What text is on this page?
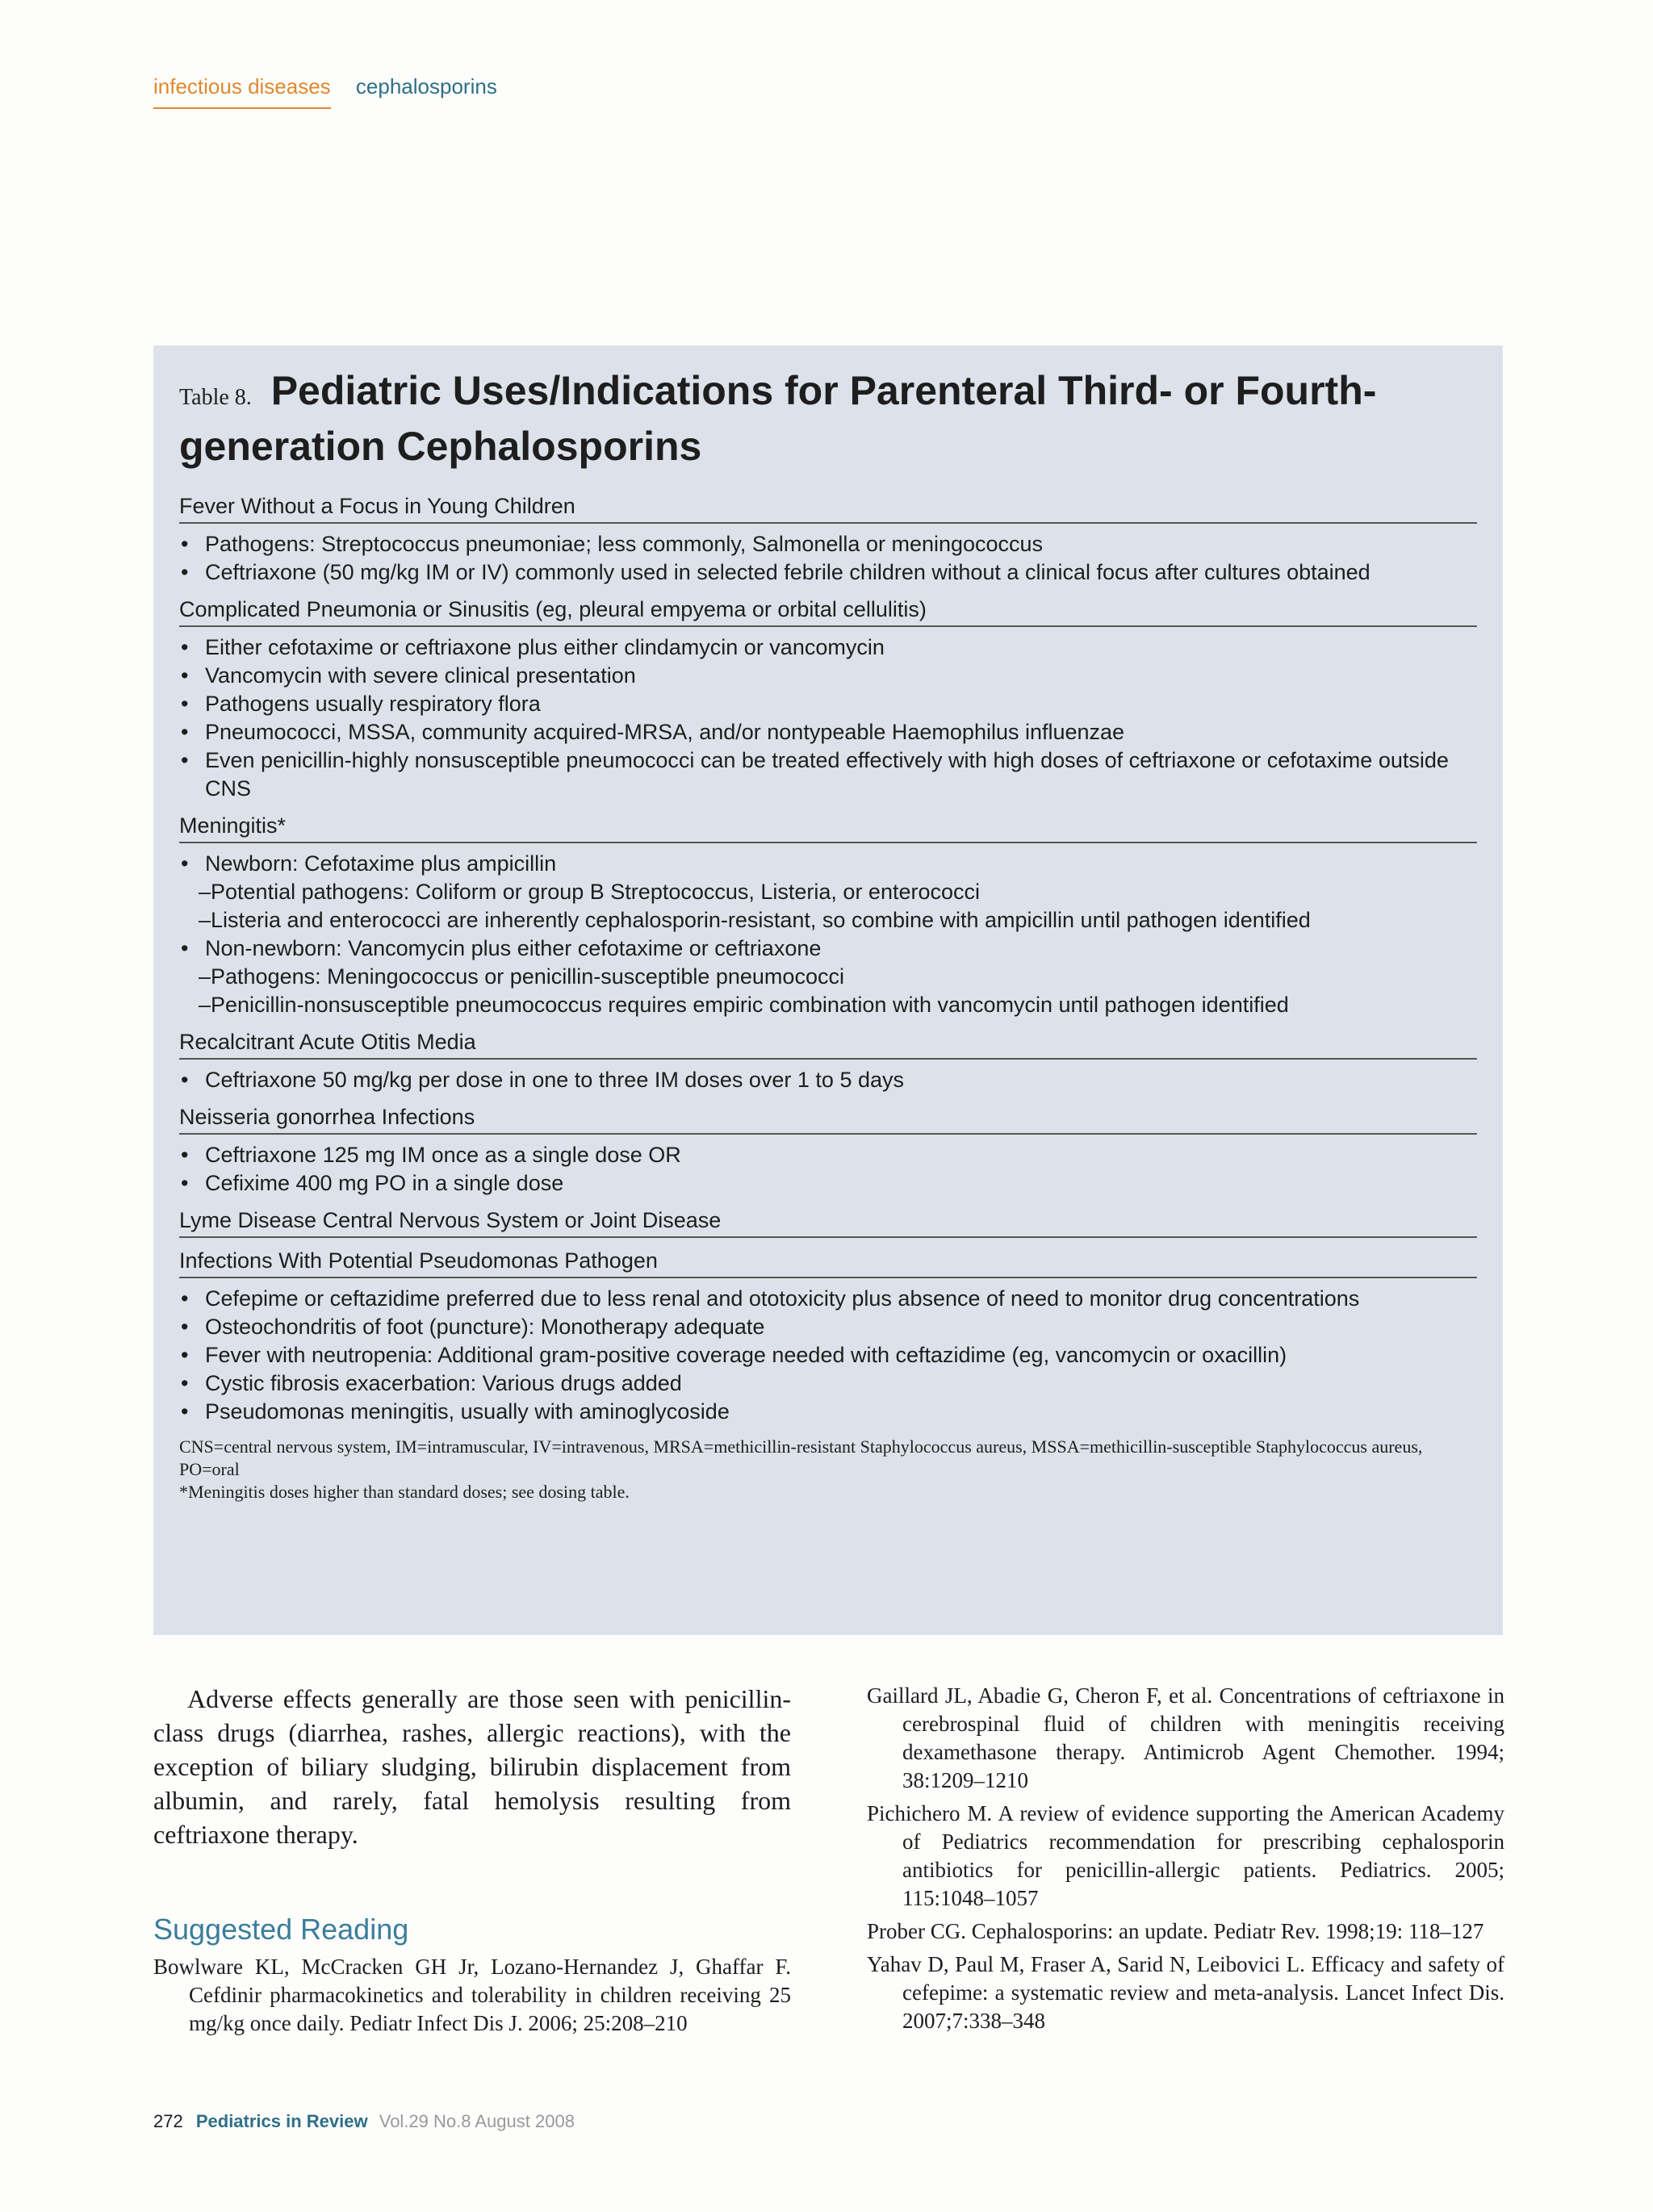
infectious diseases cephalosporins
Table 8. Pediatric Uses/Indications for Parenteral Third- or Fourth-generation Cephalosporins
Fever Without a Focus in Young Children
• Pathogens: Streptococcus pneumoniae; less commonly, Salmonella or meningococcus
• Ceftriaxone (50 mg/kg IM or IV) commonly used in selected febrile children without a clinical focus after cultures obtained
Complicated Pneumonia or Sinusitis (eg, pleural empyema or orbital cellulitis)
• Either cefotaxime or ceftriaxone plus either clindamycin or vancomycin
• Vancomycin with severe clinical presentation
• Pathogens usually respiratory flora
• Pneumococci, MSSA, community acquired-MRSA, and/or nontypeable Haemophilus influenzae
• Even penicillin-highly nonsusceptible pneumococci can be treated effectively with high doses of ceftriaxone or cefotaxime outside CNS
Meningitis*
• Newborn: Cefotaxime plus ampicillin
–Potential pathogens: Coliform or group B Streptococcus, Listeria, or enterococci
–Listeria and enterococci are inherently cephalosporin-resistant, so combine with ampicillin until pathogen identified
• Non-newborn: Vancomycin plus either cefotaxime or ceftriaxone
–Pathogens: Meningococcus or penicillin-susceptible pneumococci
–Penicillin-nonsusceptible pneumococcus requires empiric combination with vancomycin until pathogen identified
Recalcitrant Acute Otitis Media
• Ceftriaxone 50 mg/kg per dose in one to three IM doses over 1 to 5 days
Neisseria gonorrhea Infections
• Ceftriaxone 125 mg IM once as a single dose OR
• Cefixime 400 mg PO in a single dose
Lyme Disease Central Nervous System or Joint Disease
Infections With Potential Pseudomonas Pathogen
• Cefepime or ceftazidime preferred due to less renal and ototoxicity plus absence of need to monitor drug concentrations
• Osteochondritis of foot (puncture): Monotherapy adequate
• Fever with neutropenia: Additional gram-positive coverage needed with ceftazidime (eg, vancomycin or oxacillin)
• Cystic fibrosis exacerbation: Various drugs added
• Pseudomonas meningitis, usually with aminoglycoside
CNS=central nervous system, IM=intramuscular, IV=intravenous, MRSA=methicillin-resistant Staphylococcus aureus, MSSA=methicillin-susceptible Staphylococcus aureus, PO=oral
*Meningitis doses higher than standard doses; see dosing table.

Adverse effects generally are those seen with penicillin-class drugs (diarrhea, rashes, allergic reactions), with the exception of biliary sludging, bilirubin displacement from albumin, and rarely, fatal hemolysis resulting from ceftriaxone therapy.

Suggested Reading

Bowlware KL, McCracken GH Jr, Lozano-Hernandez J, Ghaffar F. Cefdinir pharmacokinetics and tolerability in children receiving 25 mg/kg once daily. Pediatr Infect Dis J. 2006; 25:208–210

Gaillard JL, Abadie G, Cheron F, et al. Concentrations of ceftriaxone in cerebrospinal fluid of children with meningitis receiving dexamethasone therapy. Antimicrob Agent Chemother. 1994; 38:1209–1210

Pichichero M. A review of evidence supporting the American Academy of Pediatrics recommendation for prescribing cephalosporin antibiotics for penicillin-allergic patients. Pediatrics. 2005; 115:1048–1057

Prober CG. Cephalosporins: an update. Pediatr Rev. 1998;19: 118–127

Yahav D, Paul M, Fraser A, Sarid N, Leibovici L. Efficacy and safety of cefepime: a systematic review and meta-analysis. Lancet Infect Dis. 2007;7:338–348

272 Pediatrics in Review Vol.29 No.8 August 2008
